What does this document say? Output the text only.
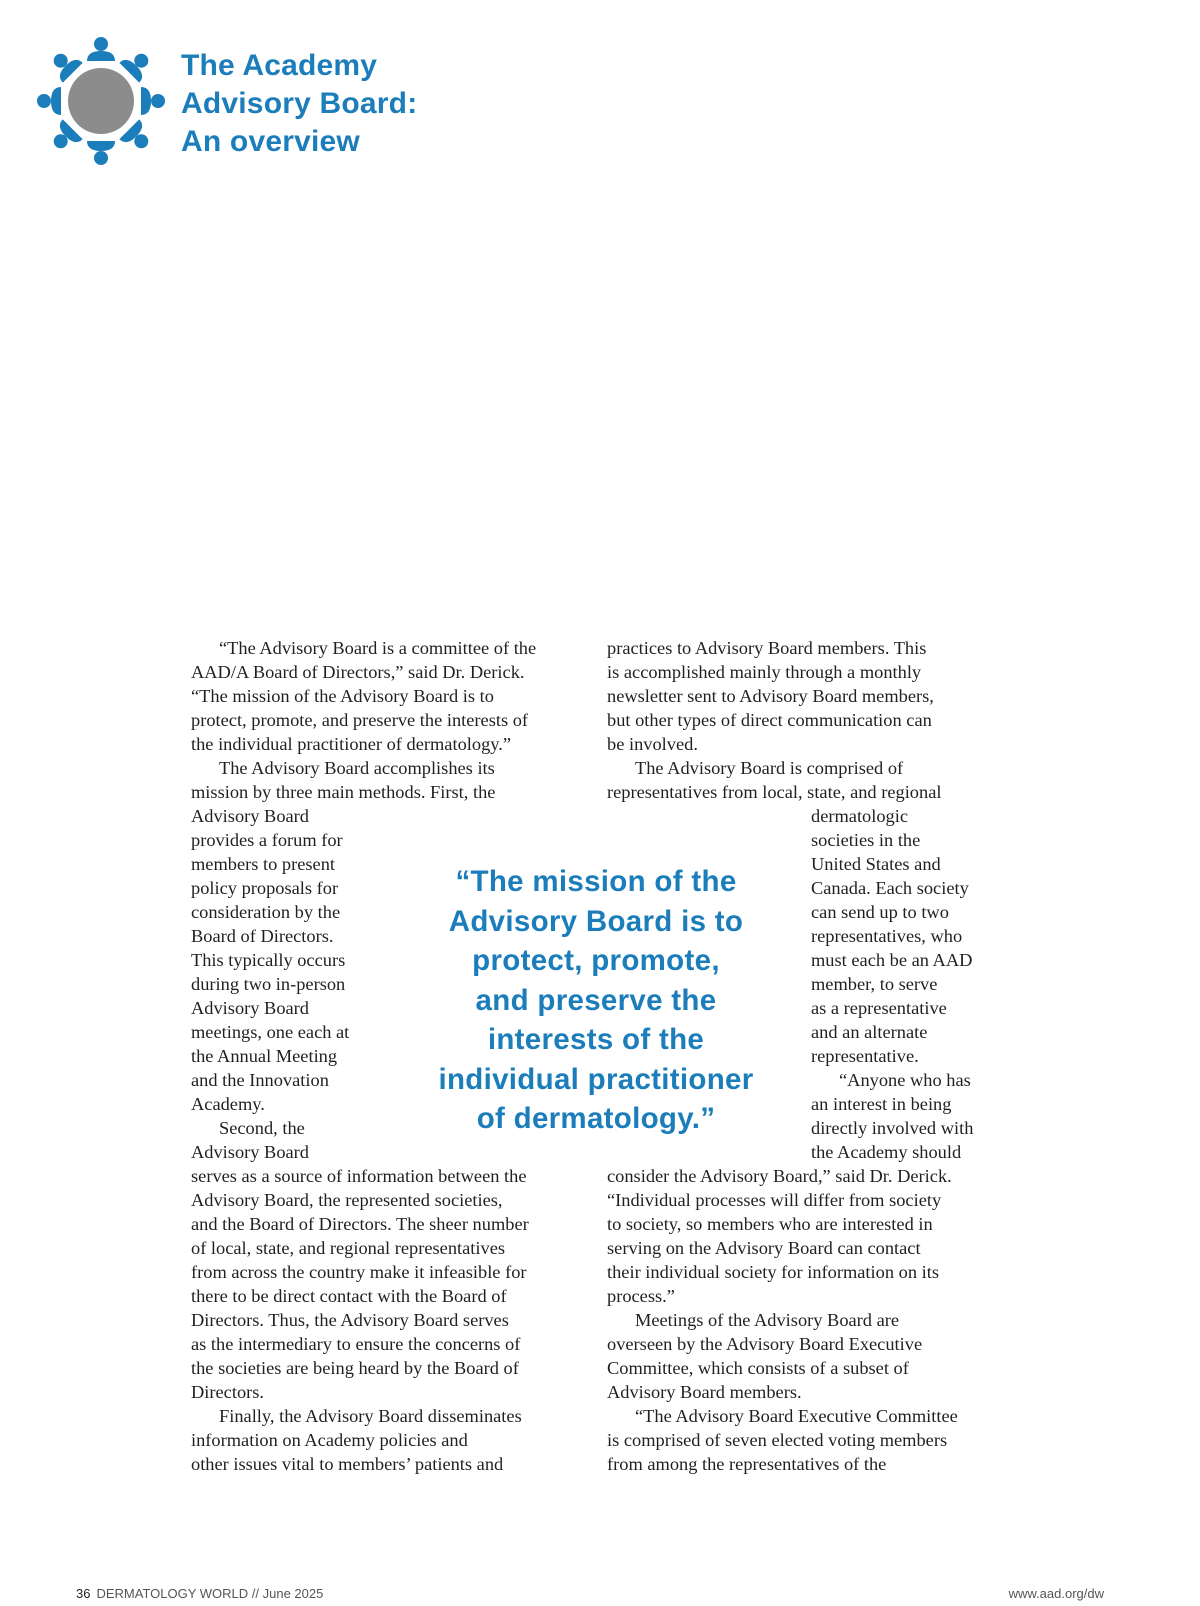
The Academy
Advisory Board:
An overview
“The Advisory Board is a committee of the
AAD/A Board of Directors,” said Dr. Derick.
“The mission of the Advisory Board is to
protect, promote, and preserve the interests of
the individual practitioner of dermatology.”
The Advisory Board accomplishes its
mission by three main methods. First, the
Advisory Board
provides a forum for
members to present
policy proposals for
consideration by the
Board of Directors.
This typically occurs
during two in-person
Advisory Board
meetings, one each at
the Annual Meeting
and the Innovation
Academy.
Second, the
Advisory Board
serves as a source of information between the
Advisory Board, the represented societies,
and the Board of Directors. The sheer number
of local, state, and regional representatives
from across the country make it infeasible for
there to be direct contact with the Board of
Directors. Thus, the Advisory Board serves
as the intermediary to ensure the concerns of
the societies are being heard by the Board of
Directors.
Finally, the Advisory Board disseminates
information on Academy policies and
other issues vital to members’ patients and
practices to Advisory Board members. This
is accomplished mainly through a monthly
newsletter sent to Advisory Board members,
but other types of direct communication can
be involved.
The Advisory Board is comprised of
representatives from local, state, and regional
dermatologic
societies in the
United States and
Canada. Each society
can send up to two
representatives, who
must each be an AAD
member, to serve
as a representative
and an alternate
representative.
“Anyone who has
an interest in being
directly involved with
the Academy should
consider the Advisory Board,” said Dr. Derick.
“Individual processes will differ from society
to society, so members who are interested in
serving on the Advisory Board can contact
their individual society for information on its
process.”
Meetings of the Advisory Board are
overseen by the Advisory Board Executive
Committee, which consists of a subset of
Advisory Board members.
“The Advisory Board Executive Committee
is comprised of seven elected voting members
from among the representatives of the
“The mission of the
Advisory Board is to
protect, promote,
and preserve the
interests of the
individual practitioner
of dermatology.”
36 DERMATOLOGY WORLD // June 2025	www.aad.org/dw
